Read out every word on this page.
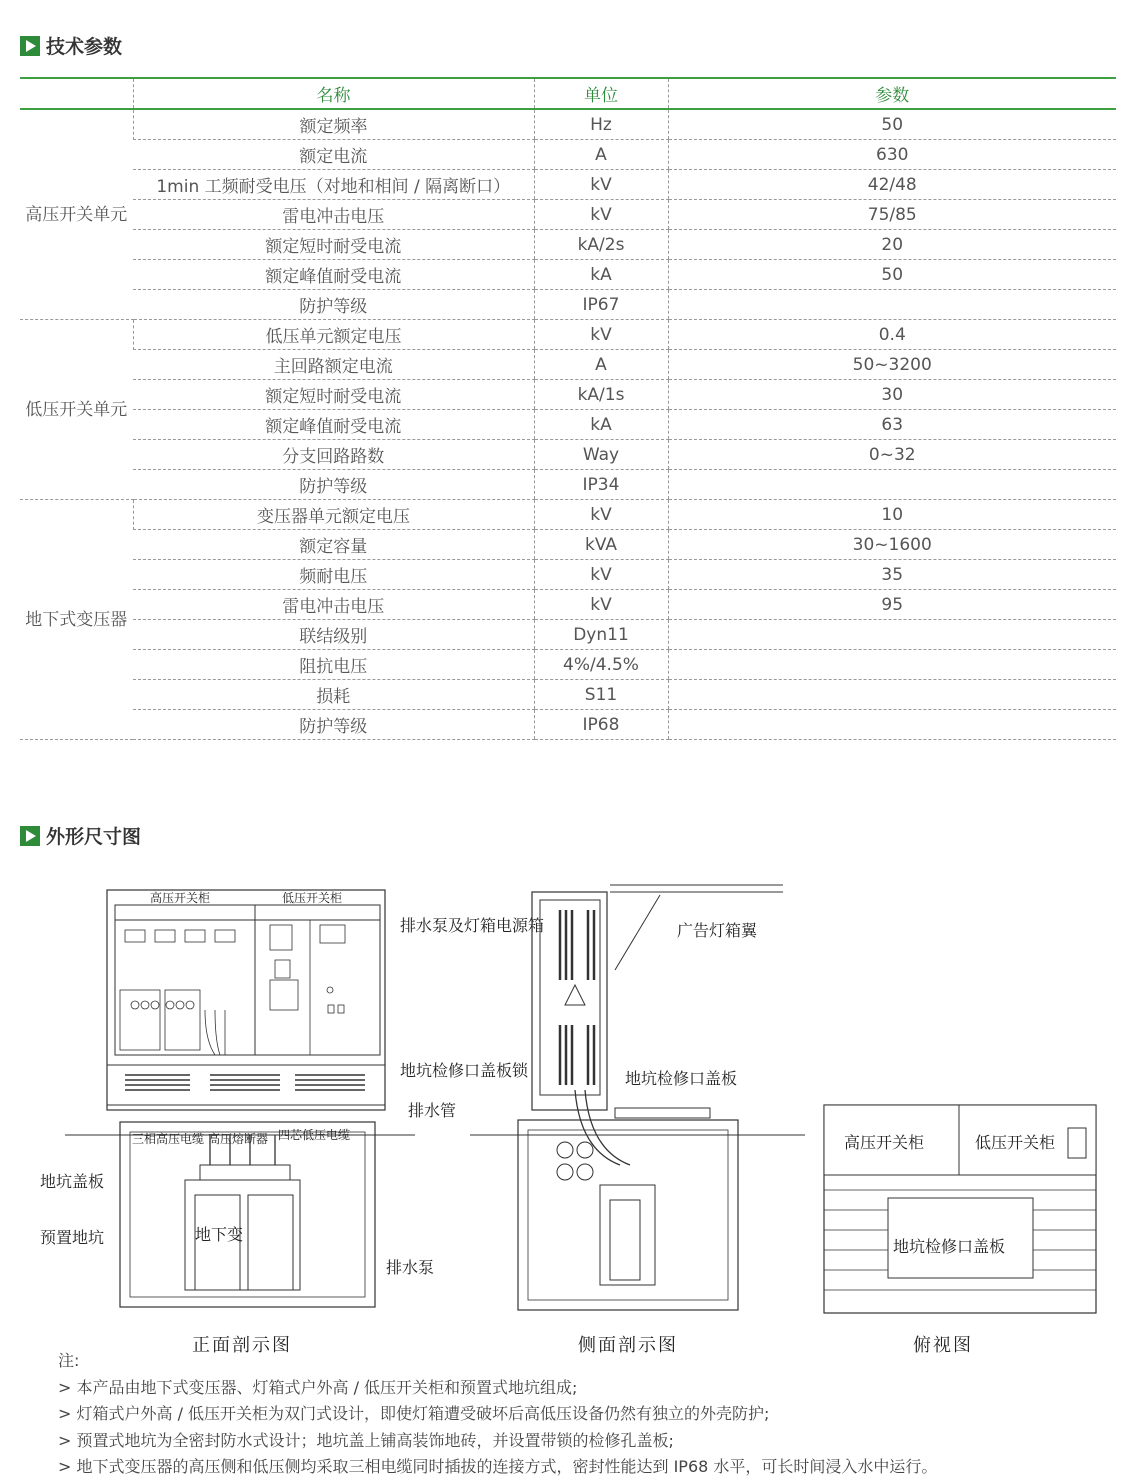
技术参数
	名称	单位	参数
高压开关单元	额定频率	Hz	50
	额定电流	A	630
	1min 工频耐受电压（对地和相间 / 隔离断口）	kV	42/48
	雷电冲击电压	kV	75/85
	额定短时耐受电流	kA/2s	20
	额定峰值耐受电流	kA	50
	防护等级	IP67	
低压开关单元	低压单元额定电压	kV	0.4
	主回路额定电流	A	50~3200
	额定短时耐受电流	kA/1s	30
	额定峰值耐受电流	kA	63
	分支回路路数	Way	0~32
	防护等级	IP34	
地下式变压器	变压器单元额定电压	kV	10
	额定容量	kVA	30~1600
	频耐电压	kV	35
	雷电冲击电压	kV	95
	联结级别	Dyn11	
	阻抗电压	4%/4.5%	
	损耗	S11	
	防护等级	IP68	
外形尺寸图
高压开关柜	低压开关柜
三相高压电缆 高压熔断器 四芯低压电缆
排水泵及灯箱电源箱
地坑检修口盖板锁
排水管
地坑盖板
预置地坑	地下变
排水泵
正面剖示图
广告灯箱翼
地坑检修口盖板
侧面剖示图
高压开关柜	低压开关柜
地坑检修口盖板
俯视图
注:
> 本产品由地下式变压器、灯箱式户外高 / 低压开关柜和预置式地坑组成;
> 灯箱式户外高 / 低压开关柜为双门式设计，即使灯箱遭受破坏后高低压设备仍然有独立的外壳防护;
> 预置式地坑为全密封防水式设计；地坑盖上铺高装饰地砖，并设置带锁的检修孔盖板;
> 地下式变压器的高压侧和低压侧均采取三相电缆同时插拔的连接方式，密封性能达到 IP68 水平，可长时间浸入水中运行。
